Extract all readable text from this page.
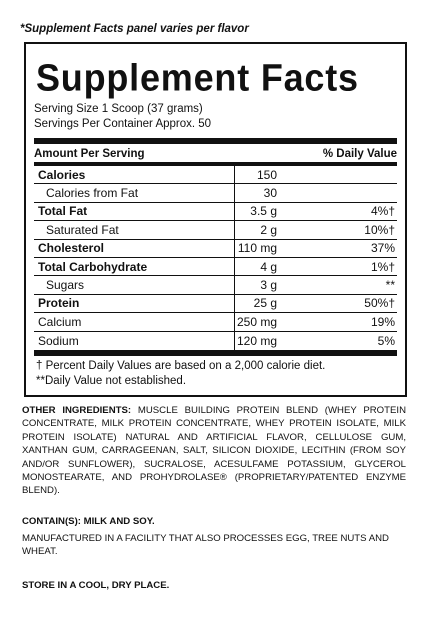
*Supplement Facts panel varies per flavor
Supplement Facts
Serving Size 1 Scoop (37 grams)
Servings Per Container Approx. 50
Amount Per Serving	% Daily Value
Calories	150
Calories from Fat	30
Total Fat	3.5 g	4%†
Saturated Fat	2 g	10%†
Cholesterol	110 mg	37%
Total Carbohydrate	4 g	1%†
Sugars	3 g	**
Protein	25 g	50%†
Calcium	250 mg	19%
Sodium	120 mg	5%
† Percent Daily Values are based on a 2,000 calorie diet.
**Daily Value not established.
OTHER INGREDIENTS: MUSCLE BUILDING PROTEIN BLEND (WHEY PROTEIN CONCENTRATE, MILK PROTEIN CONCENTRATE, WHEY PROTEIN ISOLATE, MILK PROTEIN ISOLATE) NATURAL AND ARTIFICIAL FLAVOR, CELLULOSE GUM, XANTHAN GUM, CARRAGEENAN, SALT, SILICON DIOXIDE, LECITHIN (FROM SOY AND/OR SUNFLOWER), SUCRALOSE, ACESULFAME POTASSIUM, GLYCEROL MONOSTEARATE, AND PROHYDROLASE® (PROPRIETARY/PATENTED ENZYME BLEND).
CONTAIN(S): MILK AND SOY.
MANUFACTURED IN A FACILITY THAT ALSO PROCESSES EGG, TREE NUTS AND WHEAT.
STORE IN A COOL, DRY PLACE.
